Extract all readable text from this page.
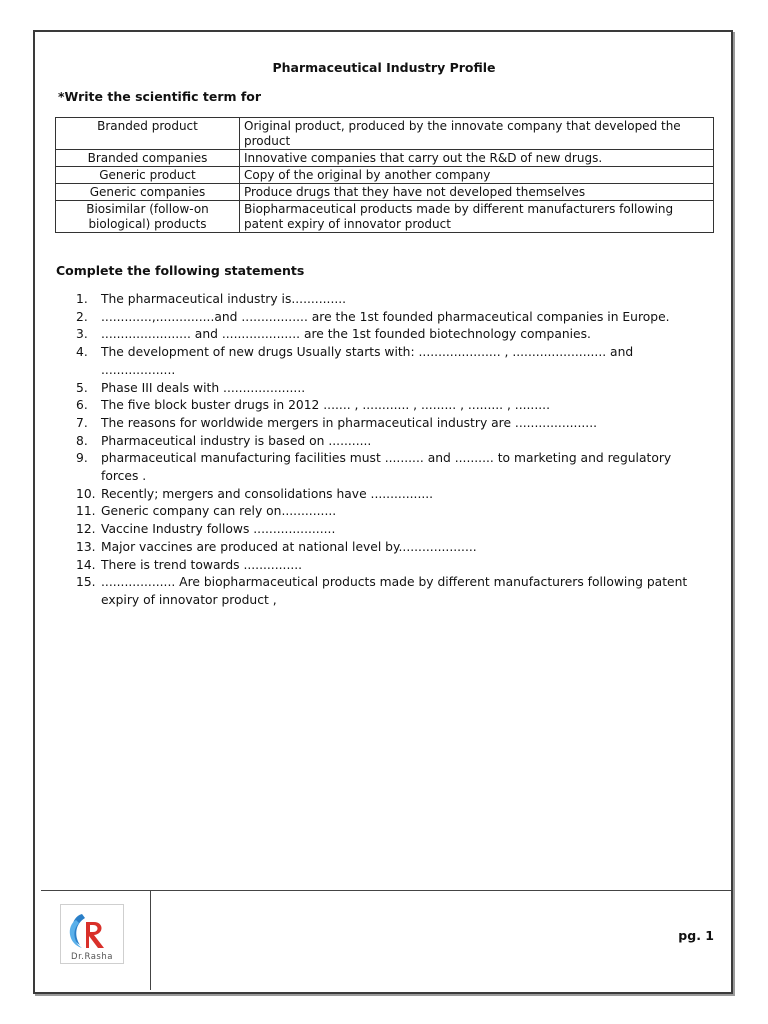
Pharmaceutical Industry Profile
*Write the scientific term for
Branded product	Original product, produced by the innovate company that developed the product
Branded companies	Innovative companies that carry out the R&D of new drugs.
Generic product	Copy of the original by another company
Generic companies	Produce drugs that they have not developed themselves
Biosimilar (follow-on biological) products	Biopharmaceutical products made by different manufacturers following patent expiry of innovator product
Complete the following statements
1.	The pharmaceutical industry is..............
2.	.............,...............and ................. are the 1st founded pharmaceutical companies in Europe.
3.	....................... and .................... are the 1st founded biotechnology companies.
4.	The development of new drugs Usually starts with: ..................... , ........................ and ...................
5.	Phase III deals with .....................
6.	The five block buster drugs in 2012 ....... , ............ , ......... , ......... , .........
7.	The reasons for worldwide mergers in pharmaceutical industry are .....................
8.	Pharmaceutical industry is based on ...........
9.	pharmaceutical manufacturing facilities must .......... and .......... to marketing and regulatory forces .
10. Recently; mergers and consolidations have ................
11. Generic company can rely on..............
12. Vaccine Industry follows .....................
13. Major vaccines are produced at national level by....................
14. There is trend towards ...............
15. ................... Are biopharmaceutical products made by different manufacturers following patent expiry of innovator product ,
Dr.Rasha
pg. 1
